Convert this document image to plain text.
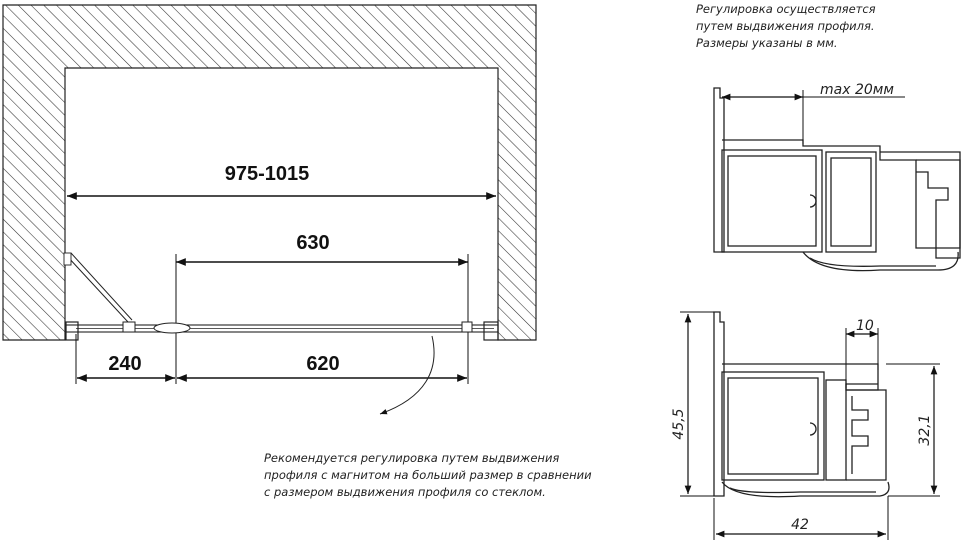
975-1015
630
240	620
Рекомендуется регулировка путем выдвижения
профиля с магнитом на больший размер в сравнении
с размером выдвижения профиля со стеклом.
Регулировка осуществляется
путем выдвижения профиля.
Размеры указаны в мм.
max 20мм
10
45,5	32,1
42
